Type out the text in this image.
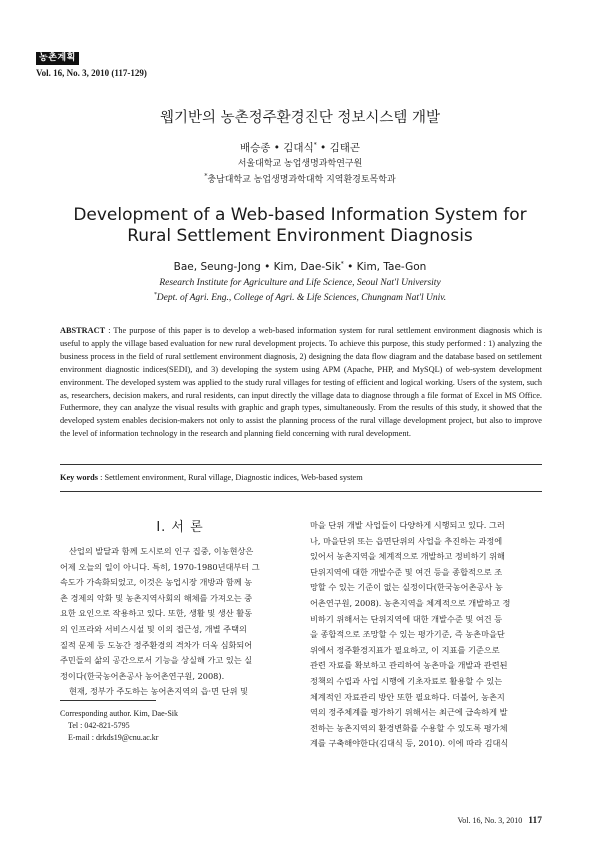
농촌계획
Vol. 16, No. 3, 2010 (117-129)
웹기반의 농촌정주환경진단 정보시스템 개발
배승종 • 김대식* • 김태곤
서울대학교 농업생명과학연구원
*충남대학교 농업생명과학대학 지역환경토목학과
Development of a Web-based Information System for
Rural Settlement Environment Diagnosis
Bae, Seung-Jong • Kim, Dae-Sik* • Kim, Tae-Gon
Research Institute for Agriculture and Life Science, Seoul Nat'l University
*Dept. of Agri. Eng., College of Agri. & Life Sciences, Chungnam Nat'l Univ.
ABSTRACT : The purpose of this paper is to develop a web-based information system for rural settlement environment diagnosis which is useful to apply the village based evaluation for new rural development projects. To achieve this purpose, this study performed : 1) analyzing the business process in the field of rural settlement environment diagnosis, 2) designing the data flow diagram and the database based on settlement environment diagnostic indices(SEDI), and 3) developing the system using APM (Apache, PHP, and MySQL) of web-system development environment. The developed system was applied to the study rural villages for testing of efficient and logical working. Users of the system, such as, researchers, decision makers, and rural residents, can input directly the village data to diagnose through a file format of Excel in MS Office. Futhermore, they can analyze the visual results with graphic and graph types, simultaneously. From the results of this study, it showed that the developed system enables decision-makers not only to assist the planning process of the rural village development project, but also to improve the level of information technology in the research and planning field concerning with rural development.
Key words : Settlement environment, Rural village, Diagnostic indices, Web-based system
I. 서 론
산업의 발달과 함께 도시로의 인구 집중, 이농현상은
어제 오늘의 일이 아니다. 특히, 1970-1980년대부터 그
속도가 가속화되었고, 이것은 농업시장 개방과 함께 농
촌 경제의 악화 및 농촌지역사회의 해체를 가져오는 중
요한 요인으로 작용하고 있다. 또한, 생활 및 생산 활동
의 인프라와 서비스시설 및 이의 접근성, 개별 주택의
질적 문제 등 도농간 정주환경의 격차가 더욱 심화되어
주민들의 삶의 공간으로서 기능을 상실해 가고 있는 실
정이다(한국농어촌공사 농어촌연구원, 2008).
현재, 정부가 주도하는 농어촌지역의 읍·면 단위 및
마을 단위 개발 사업들이 다양하게 시행되고 있다. 그러
나, 마을단위 또는 읍면단위의 사업을 추진하는 과정에
있어서 농촌지역을 체계적으로 개발하고 정비하기 위해
단위지역에 대한 개발수준 및 여건 등을 종합적으로 조
망할 수 있는 기준이 없는 실정이다(한국농어촌공사 농
어촌연구원, 2008). 농촌지역을 체계적으로 개발하고 정
비하기 위해서는 단위지역에 대한 개발수준 및 여건 등
을 종합적으로 조망할 수 있는 평가기준, 즉 농촌마을단
위에서 정주환경지표가 필요하고, 이 지표를 기준으로
관련 자료를 확보하고 관리하여 농촌마을 개발과 관련된
정책의 수립과 사업 시행에 기초자료로 활용할 수 있는
체계적인 자료관리 방안 또한 필요하다. 더불어, 농촌지
역의 정주체계를 평가하기 위해서는 최근에 급속하게 발
전하는 농촌지역의 환경변화를 수용할 수 있도록 평가체
계를 구축해야한다(김대식 등, 2010). 이에 따라 김대식
Corresponding author. Kim, Dae-Sik
Tel : 042-821-5795
E-mail : drkds19@cnu.ac.kr
Vol. 16, No. 3, 2010 117
